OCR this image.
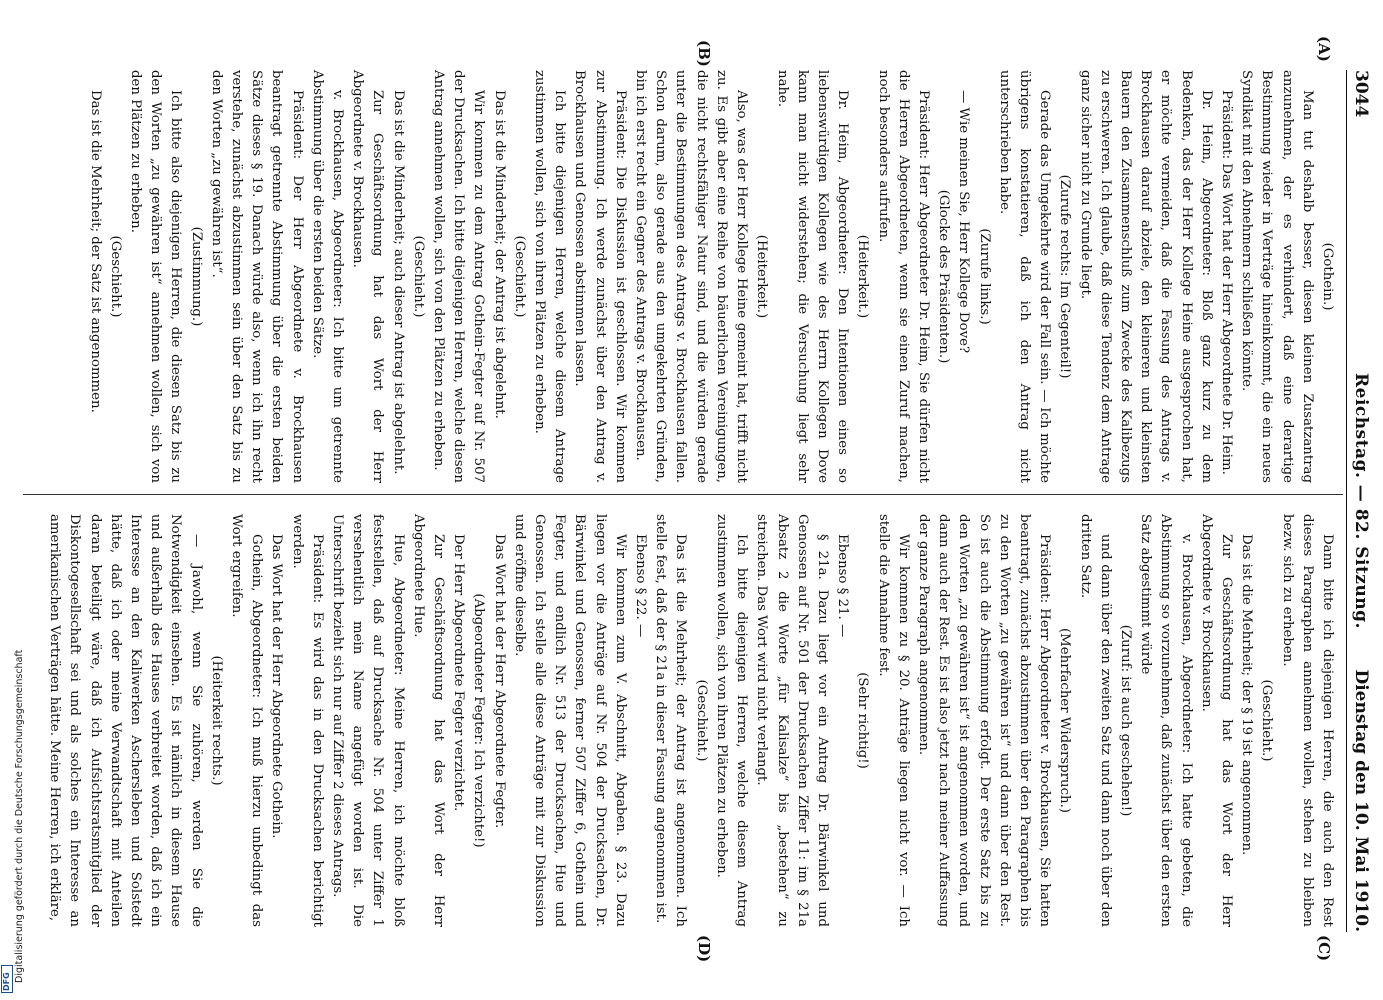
3044
Reichstag. — 82. Sitzung.
Dienstag den 10. Mai 1910.
(A)
(B)
(C)
(D)

(Gothein.)

Man tut deshalb besser, diesen kleinen Zusatzantrag anzunehmen, der es verhindert, daß eine derartige Bestimmung wieder in Verträge hineinkommt, die ein neues Syndikat mit den Abnehmern schließen könnte.

Präsident: Das Wort hat der Herr Abgeordnete Dr. Heim.

Dr. Heim, Abgeordneter: Bloß ganz kurz zu dem Bedenken, das der Herr Kollege Heine ausgesprochen hat, er möchte vermeiden, daß die Fassung des Antrags v. Brockhausen darauf abziele, den kleineren und kleinsten Bauern den Zusammenschluß zum Zwecke des Kalibezugs zu erschweren. Ich glaube, daß diese Tendenz dem Antrage ganz sicher nicht zu Grunde liegt.

(Zurufe rechts: Im Gegenteil!)

Gerade das Umgekehrte wird der Fall sein. — Ich möchte übrigens konstatieren, daß ich den Antrag nicht unterschrieben habe.

(Zurufe links.)

— Wie meinen Sie, Herr Kollege Dove?

(Glocke des Präsidenten.)

Präsident: Herr Abgeordneter Dr. Heim, Sie dürfen nicht die Herren Abgeordneten, wenn sie einen Zuruf machen, noch besonders aufrufen.

(Heiterkeit.)

Dr. Heim, Abgeordneter: Den Intentionen eines so liebenswürdigen Kollegen wie des Herrn Kollegen Dove kann man nicht widerstehen; die Versuchung liegt sehr nahe.

(Heiterkeit.)

Also, was der Herr Kollege Heine gemeint hat, trifft nicht zu. Es gibt aber eine Reihe von bäuerlichen Vereinigungen, die nicht rechtsfähiger Natur sind, und die würden gerade unter die Bestimmungen des Antrags v. Brockhausen fallen. Schon darum, also gerade aus den umgekehrten Gründen, bin ich erst recht ein Gegner des Antrags v. Brockhausen.

Präsident: Die Diskussion ist geschlossen. Wir kommen zur Abstimmung. Ich werde zunächst über den Antrag v. Brockhausen und Genossen abstimmen lassen.

Ich bitte diejenigen Herren, welche diesem Antrage zustimmen wollen, sich von ihren Plätzen zu erheben.

(Geschieht.)

Das ist die Minderheit; der Antrag ist abgelehnt.

Wir kommen zu dem Antrag Gothein-Fegter auf Nr. 507 der Drucksachen. Ich bitte diejenigen Herren, welche diesen Antrag annehmen wollen, sich von den Plätzen zu erheben.

(Geschieht.)

Das ist die Minderheit; auch dieser Antrag ist abgelehnt.

Zur Geschäftsordnung hat das Wort der Herr Abgeordnete v. Brockhausen.

v. Brockhausen, Abgeordneter: Ich bitte um getrennte Abstimmung über die ersten beiden Sätze.

Präsident: Der Herr Abgeordnete v. Brockhausen beantragt getrennte Abstimmung über die ersten beiden Sätze dieses § 19. Danach würde also, wenn ich ihn recht verstehe, zunächst abzustimmen sein über den Satz bis zu den Worten „zu gewähren ist“.

(Zustimmung.)

Ich bitte also diejenigen Herren, die diesen Satz bis zu den Worten „zu gewähren ist“ annehmen wollen, sich von den Plätzen zu erheben.

(Geschieht.)

Das ist die Mehrheit; der Satz ist angenommen.

Dann bitte ich diejenigen Herren, die auch den Rest dieses Paragraphen annehmen wollen, stehen zu bleiben bezw. sich zu erheben.

(Geschieht.)

Das ist die Mehrheit; der § 19 ist angenommen.

Zur Geschäftsordnung hat das Wort der Herr Abgeordnete v. Brockhausen.

v. Brockhausen, Abgeordneter: Ich hatte gebeten, die Abstimmung so vorzunehmen, daß zunächst über den ersten Satz abgestimmt würde

(Zuruf: ist auch geschehen!)

und dann über den zweiten Satz und dann noch über den dritten Satz.

(Mehrfacher Widerspruch.)

Präsident: Herr Abgeordneter v. Brockhausen, Sie hatten beantragt, zunächst abzustimmen über den Paragraphen bis zu den Worten „zu gewähren ist“ und dann über den Rest. So ist auch die Abstimmung erfolgt. Der erste Satz bis zu den Worten „zu gewähren ist“ ist angenommen worden, und dann auch der Rest. Es ist also jetzt nach meiner Auffassung der ganze Paragraph angenommen.

Wir kommen zu § 20. Anträge liegen nicht vor. — Ich stelle die Annahme fest.

(Sehr richtig!)

Ebenso § 21. —

§ 21a. Dazu liegt vor ein Antrag Dr. Bärwinkel und Genossen auf Nr. 501 der Drucksachen Ziffer 11: im § 21a Absatz 2 die Worte „für Kalisalze“ bis „bestehen“ zu streichen. Das Wort wird nicht verlangt.

Ich bitte diejenigen Herren, welche diesem Antrag zustimmen wollen, sich von ihren Plätzen zu erheben.

(Geschieht.)

Das ist die Mehrheit; der Antrag ist angenommen. Ich stelle fest, daß der § 21a in dieser Fassung angenommen ist.

Ebenso § 22. —

Wir kommen zum V. Abschnitt, Abgaben. § 23. Dazu liegen vor die Anträge auf Nr. 504 der Drucksachen, Dr. Bärwinkel und Genossen, ferner 507 Ziffer 6, Gothein und Fegter, und endlich Nr. 513 der Drucksachen, Hue und Genossen. Ich stelle alle diese Anträge mit zur Diskussion und eröffne dieselbe.

Das Wort hat der Herr Abgeordnete Fegter.

(Abgeordneter Fegter: Ich verzichte!)

Der Herr Abgeordnete Fegter verzichtet.

Zur Geschäftsordnung hat das Wort der Herr Abgeordnete Hue.

Hue, Abgeordneter: Meine Herren, ich möchte bloß feststellen, daß auf Drucksache Nr. 504 unter Ziffer 1 versehentlich mein Name angefügt worden ist. Die Unterschrift bezieht sich nur auf Ziffer 2 dieses Antrags.

Präsident: Es wird das in den Drucksachen berichtigt werden.

Das Wort hat der Herr Abgeordnete Gothein.

Gothein, Abgeordneter: Ich muß hierzu unbedingt das Wort ergreifen.

(Heiterkeit rechts.)

— Jawohl, wenn Sie zuhören, werden Sie die Notwendigkeit einsehen. Es ist nämlich in diesem Hause und außerhalb des Hauses verbreitet worden, daß ich ein Interesse an den Kaliwerken Aschersleben und Solstedt hätte, daß ich oder meine Verwandtschaft mit Anteilen daran beteiligt wäre, daß ich Aufsichtsratsmitglied der Diskontogesellschaft sei und als solches ein Interesse an amerikanischen Verträgen hätte. Meine Herren, ich erkläre,

Digitalisierung gefördert durch die Deutsche Forschungsgemeinschaft
DFG
